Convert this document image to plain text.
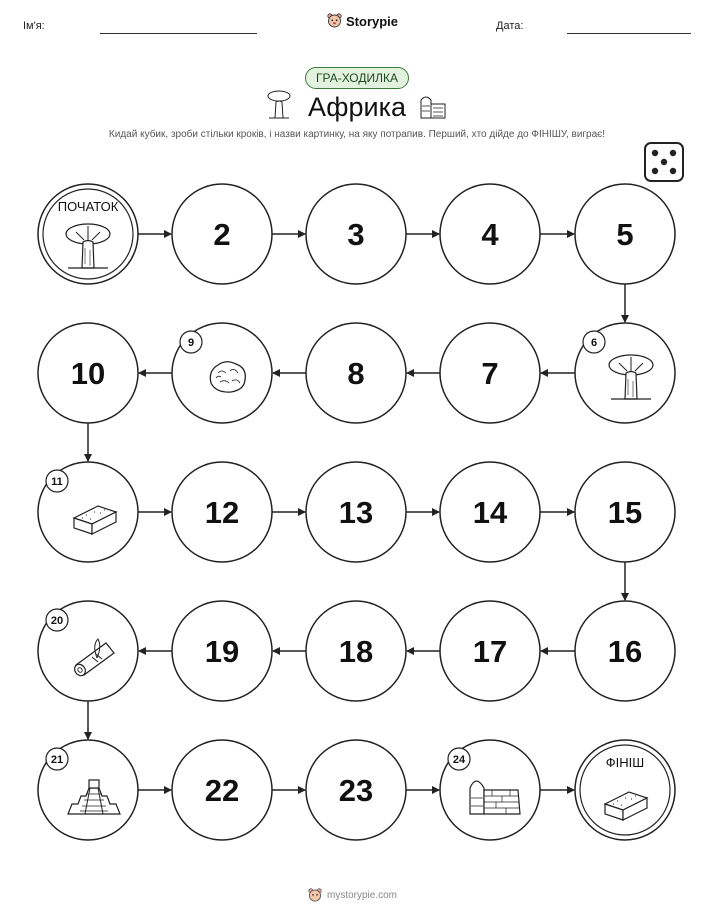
Ім'я:	Дата:
Storypie
ГРА-ХОДИЛКА
Африка
Кидай кубик, зроби стільки кроків, і назви картинку, на яку потрапив. Перший, хто дійде до ФІНІШУ, виграє!
ПОЧАТОК
2	3	4	5
6
7
8
9
10
11
12	13	14	15
16
17
18
19
20
21
22	23
24	ФІНІШ
mystorypie.com
